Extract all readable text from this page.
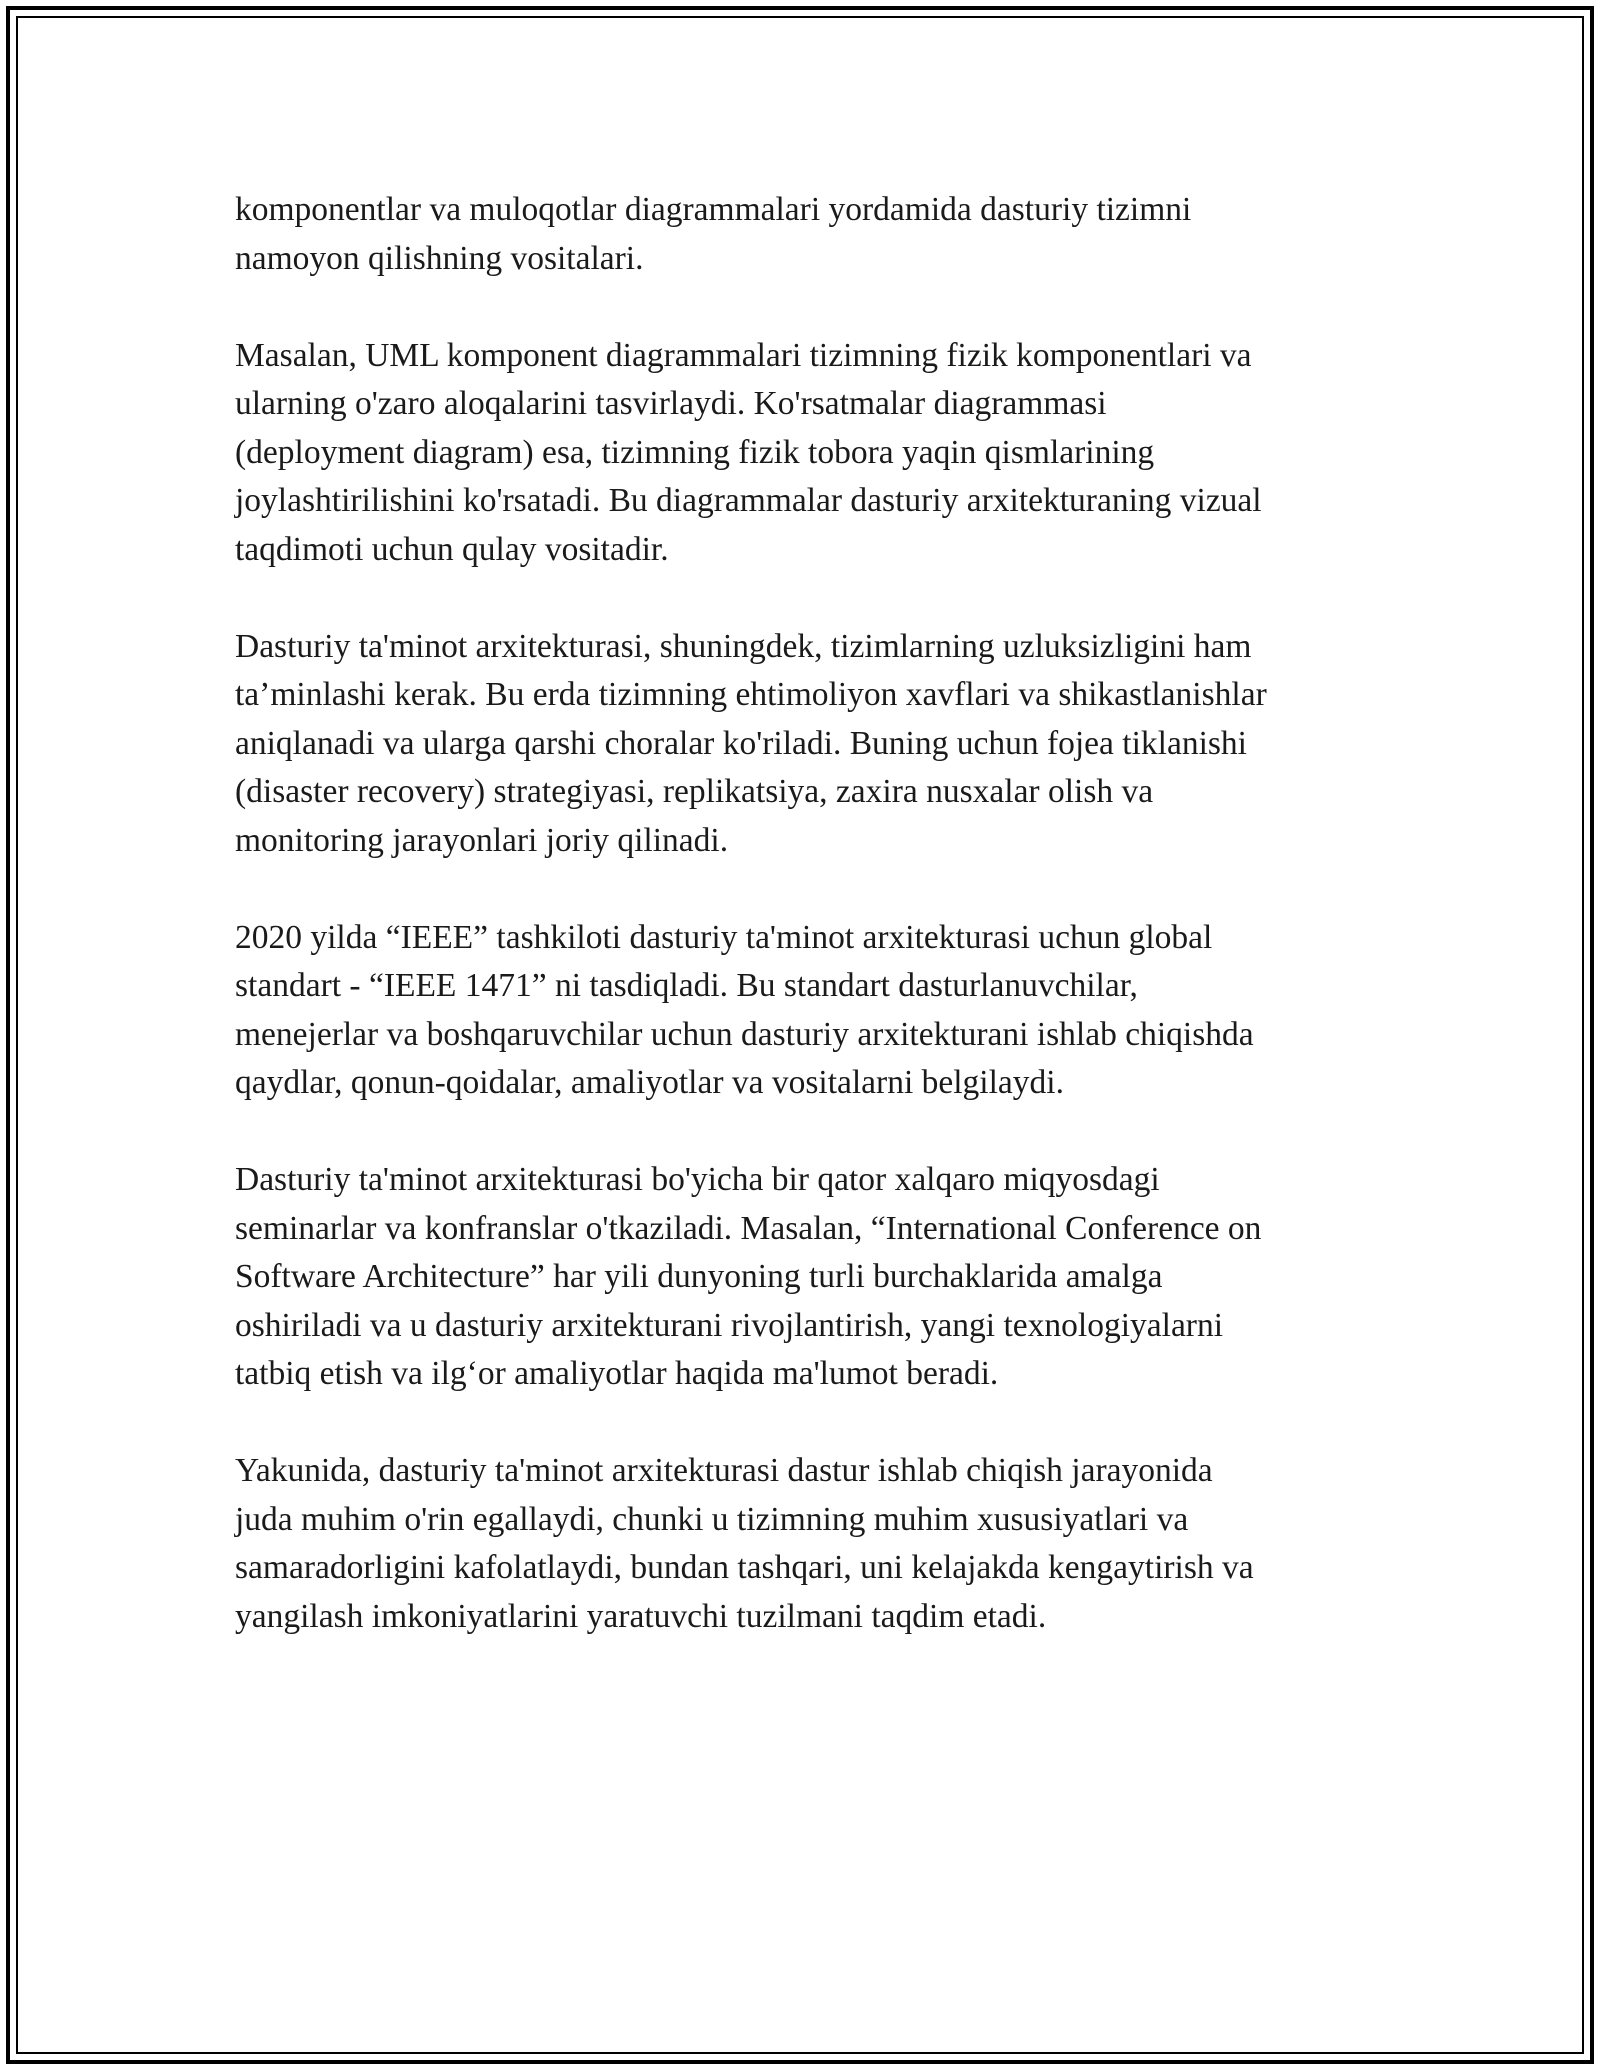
komponentlar va muloqotlar diagrammalari yordamida dasturiy tizimni
namoyon qilishning vositalari.

Masalan, UML komponent diagrammalari tizimning fizik komponentlari va
ularning o'zaro aloqalarini tasvirlaydi. Ko'rsatmalar diagrammasi
(deployment diagram) esa, tizimning fizik tobora yaqin qismlarining
joylashtirilishini ko'rsatadi. Bu diagrammalar dasturiy arxitekturaning vizual
taqdimoti uchun qulay vositadir.

Dasturiy ta'minot arxitekturasi, shuningdek, tizimlarning uzluksizligini ham
ta’minlashi kerak. Bu erda tizimning ehtimoliyon xavflari va shikastlanishlar
aniqlanadi va ularga qarshi choralar ko'riladi. Buning uchun fojea tiklanishi
(disaster recovery) strategiyasi, replikatsiya, zaxira nusxalar olish va
monitoring jarayonlari joriy qilinadi.

2020 yilda “IEEE” tashkiloti dasturiy ta'minot arxitekturasi uchun global
standart - “IEEE 1471” ni tasdiqladi. Bu standart dasturlanuvchilar,
menejerlar va boshqaruvchilar uchun dasturiy arxitekturani ishlab chiqishda
qaydlar, qonun-qoidalar, amaliyotlar va vositalarni belgilaydi.

Dasturiy ta'minot arxitekturasi bo'yicha bir qator xalqaro miqyosdagi
seminarlar va konfranslar o'tkaziladi. Masalan, “International Conference on
Software Architecture” har yili dunyoning turli burchaklarida amalga
oshiriladi va u dasturiy arxitekturani rivojlantirish, yangi texnologiyalarni
tatbiq etish va ilg‘or amaliyotlar haqida ma'lumot beradi.

Yakunida, dasturiy ta'minot arxitekturasi dastur ishlab chiqish jarayonida
juda muhim o'rin egallaydi, chunki u tizimning muhim xususiyatlari va
samaradorligini kafolatlaydi, bundan tashqari, uni kelajakda kengaytirish va
yangilash imkoniyatlarini yaratuvchi tuzilmani taqdim etadi.
